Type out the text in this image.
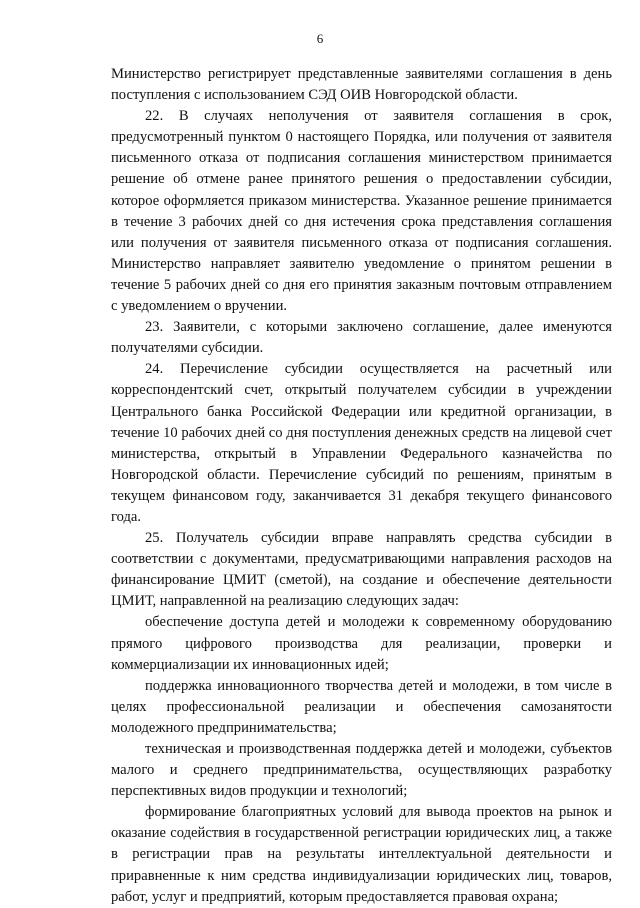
6

Министерство регистрирует представленные заявителями соглашения в день поступления с использованием СЭД ОИВ Новгородской области.

22. В случаях неполучения от заявителя соглашения в срок, предусмотренный пунктом 0 настоящего Порядка, или получения от заявителя письменного отказа от подписания соглашения министерством принимается решение об отмене ранее принятого решения о предоставлении субсидии, которое оформляется приказом министерства. Указанное решение принимается в течение 3 рабочих дней со дня истечения срока представления соглашения или получения от заявителя письменного отказа от подписания соглашения. Министерство направляет заявителю уведомление о принятом решении в течение 5 рабочих дней со дня его принятия заказным почтовым отправлением с уведомлением о вручении.

23. Заявители, с которыми заключено соглашение, далее именуются получателями субсидии.

24. Перечисление субсидии осуществляется на расчетный или корреспондентский счет, открытый получателем субсидии в учреждении Центрального банка Российской Федерации или кредитной организации, в течение 10 рабочих дней со дня поступления денежных средств на лицевой счет министерства, открытый в Управлении Федерального казначейства по Новгородской области. Перечисление субсидий по решениям, принятым в текущем финансовом году, заканчивается 31 декабря текущего финансового года.

25. Получатель субсидии вправе направлять средства субсидии в соответствии с документами, предусматривающими направления расходов на финансирование ЦМИТ (сметой), на создание и обеспечение деятельности ЦМИТ, направленной на реализацию следующих задач:

обеспечение доступа детей и молодежи к современному оборудованию прямого цифрового производства для реализации, проверки и коммерциализации их инновационных идей;

поддержка инновационного творчества детей и молодежи, в том числе в целях профессиональной реализации и обеспечения самозанятости молодежного предпринимательства;

техническая и производственная поддержка детей и молодежи, субъектов малого и среднего предпринимательства, осуществляющих разработку перспективных видов продукции и технологий;

формирование благоприятных условий для вывода проектов на рынок и оказание содействия в государственной регистрации юридических лиц, а также в регистрации прав на результаты интеллектуальной деятельности и приравненные к ним средства индивидуализации юридических лиц, товаров, работ, услуг и предприятий, которым предоставляется правовая охрана;
